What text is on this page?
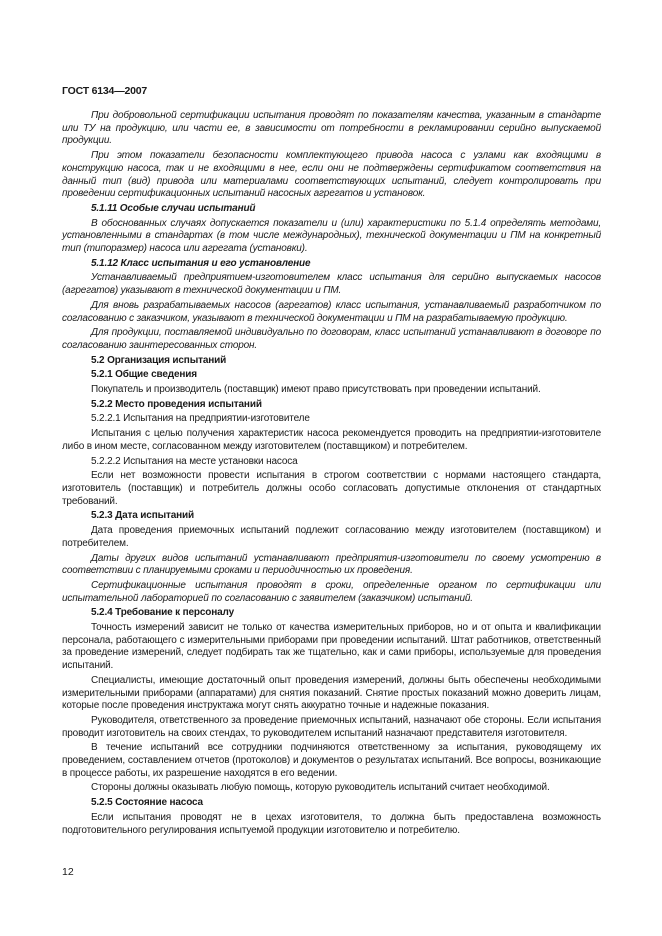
ГОСТ 6134—2007

При добровольной сертификации испытания проводят по показателям качества, указанным в стандарте или ТУ на продукцию, или части ее, в зависимости от потребности в рекламировании серийно выпускаемой продукции.

При этом показатели безопасности комплектующего привода насоса с узлами как входящими в конструкцию насоса, так и не входящими в нее, если они не подтверждены сертификатом соответствия на данный тип (вид) привода или материалами соответствующих испытаний, следует контролировать при проведении сертификационных испытаний насосных агрегатов и установок.

5.1.11 Особые случаи испытаний

В обоснованных случаях допускается показатели и (или) характеристики по 5.1.4 определять методами, установленными в стандартах (в том числе международных), технической документации и ПМ на конкретный тип (типоразмер) насоса или агрегата (установки).

5.1.12 Класс испытания и его установление

Устанавливаемый предприятием-изготовителем класс испытания для серийно выпускаемых насосов (агрегатов) указывают в технической документации и ПМ.

Для вновь разрабатываемых насосов (агрегатов) класс испытания, устанавливаемый разработчиком по согласованию с заказчиком, указывают в технической документации и ПМ на разрабатываемую продукцию.

Для продукции, поставляемой индивидуально по договорам, класс испытаний устанавливают в договоре по согласованию заинтересованных сторон.

5.2 Организация испытаний

5.2.1 Общие сведения

Покупатель и производитель (поставщик) имеют право присутствовать при проведении испытаний.

5.2.2 Место проведения испытаний

5.2.2.1 Испытания на предприятии-изготовителе

Испытания с целью получения характеристик насоса рекомендуется проводить на предприятии-изготовителе либо в ином месте, согласованном между изготовителем (поставщиком) и потребителем.

5.2.2.2 Испытания на месте установки насоса

Если нет возможности провести испытания в строгом соответствии с нормами настоящего стандарта, изготовитель (поставщик) и потребитель должны особо согласовать допустимые отклонения от стандартных требований.

5.2.3 Дата испытаний

Дата проведения приемочных испытаний подлежит согласованию между изготовителем (поставщиком) и потребителем.

Даты других видов испытаний устанавливают предприятия-изготовители по своему усмотрению в соответствии с планируемыми сроками и периодичностью их проведения.

Сертификационные испытания проводят в сроки, определенные органом по сертификации или испытательной лабораторией по согласованию с заявителем (заказчиком) испытаний.

5.2.4 Требование к персоналу

Точность измерений зависит не только от качества измерительных приборов, но и от опыта и квалификации персонала, работающего с измерительными приборами при проведении испытаний. Штат работников, ответственный за проведение измерений, следует подбирать так же тщательно, как и сами приборы, используемые для проведения испытаний.

Специалисты, имеющие достаточный опыт проведения измерений, должны быть обеспечены необходимыми измерительными приборами (аппаратами) для снятия показаний. Снятие простых показаний можно доверить лицам, которые после проведения инструктажа могут снять аккуратно точные и надежные показания.

Руководителя, ответственного за проведение приемочных испытаний, назначают обе стороны. Если испытания проводит изготовитель на своих стендах, то руководителем испытаний назначают представителя изготовителя.

В течение испытаний все сотрудники подчиняются ответственному за испытания, руководящему их проведением, составлением отчетов (протоколов) и документов о результатах испытаний. Все вопросы, возникающие в процессе работы, их разрешение находятся в его ведении.

Стороны должны оказывать любую помощь, которую руководитель испытаний считает необходимой.

5.2.5 Состояние насоса

Если испытания проводят не в цехах изготовителя, то должна быть предоставлена возможность подготовительного регулирования испытуемой продукции изготовителю и потребителю.

12
